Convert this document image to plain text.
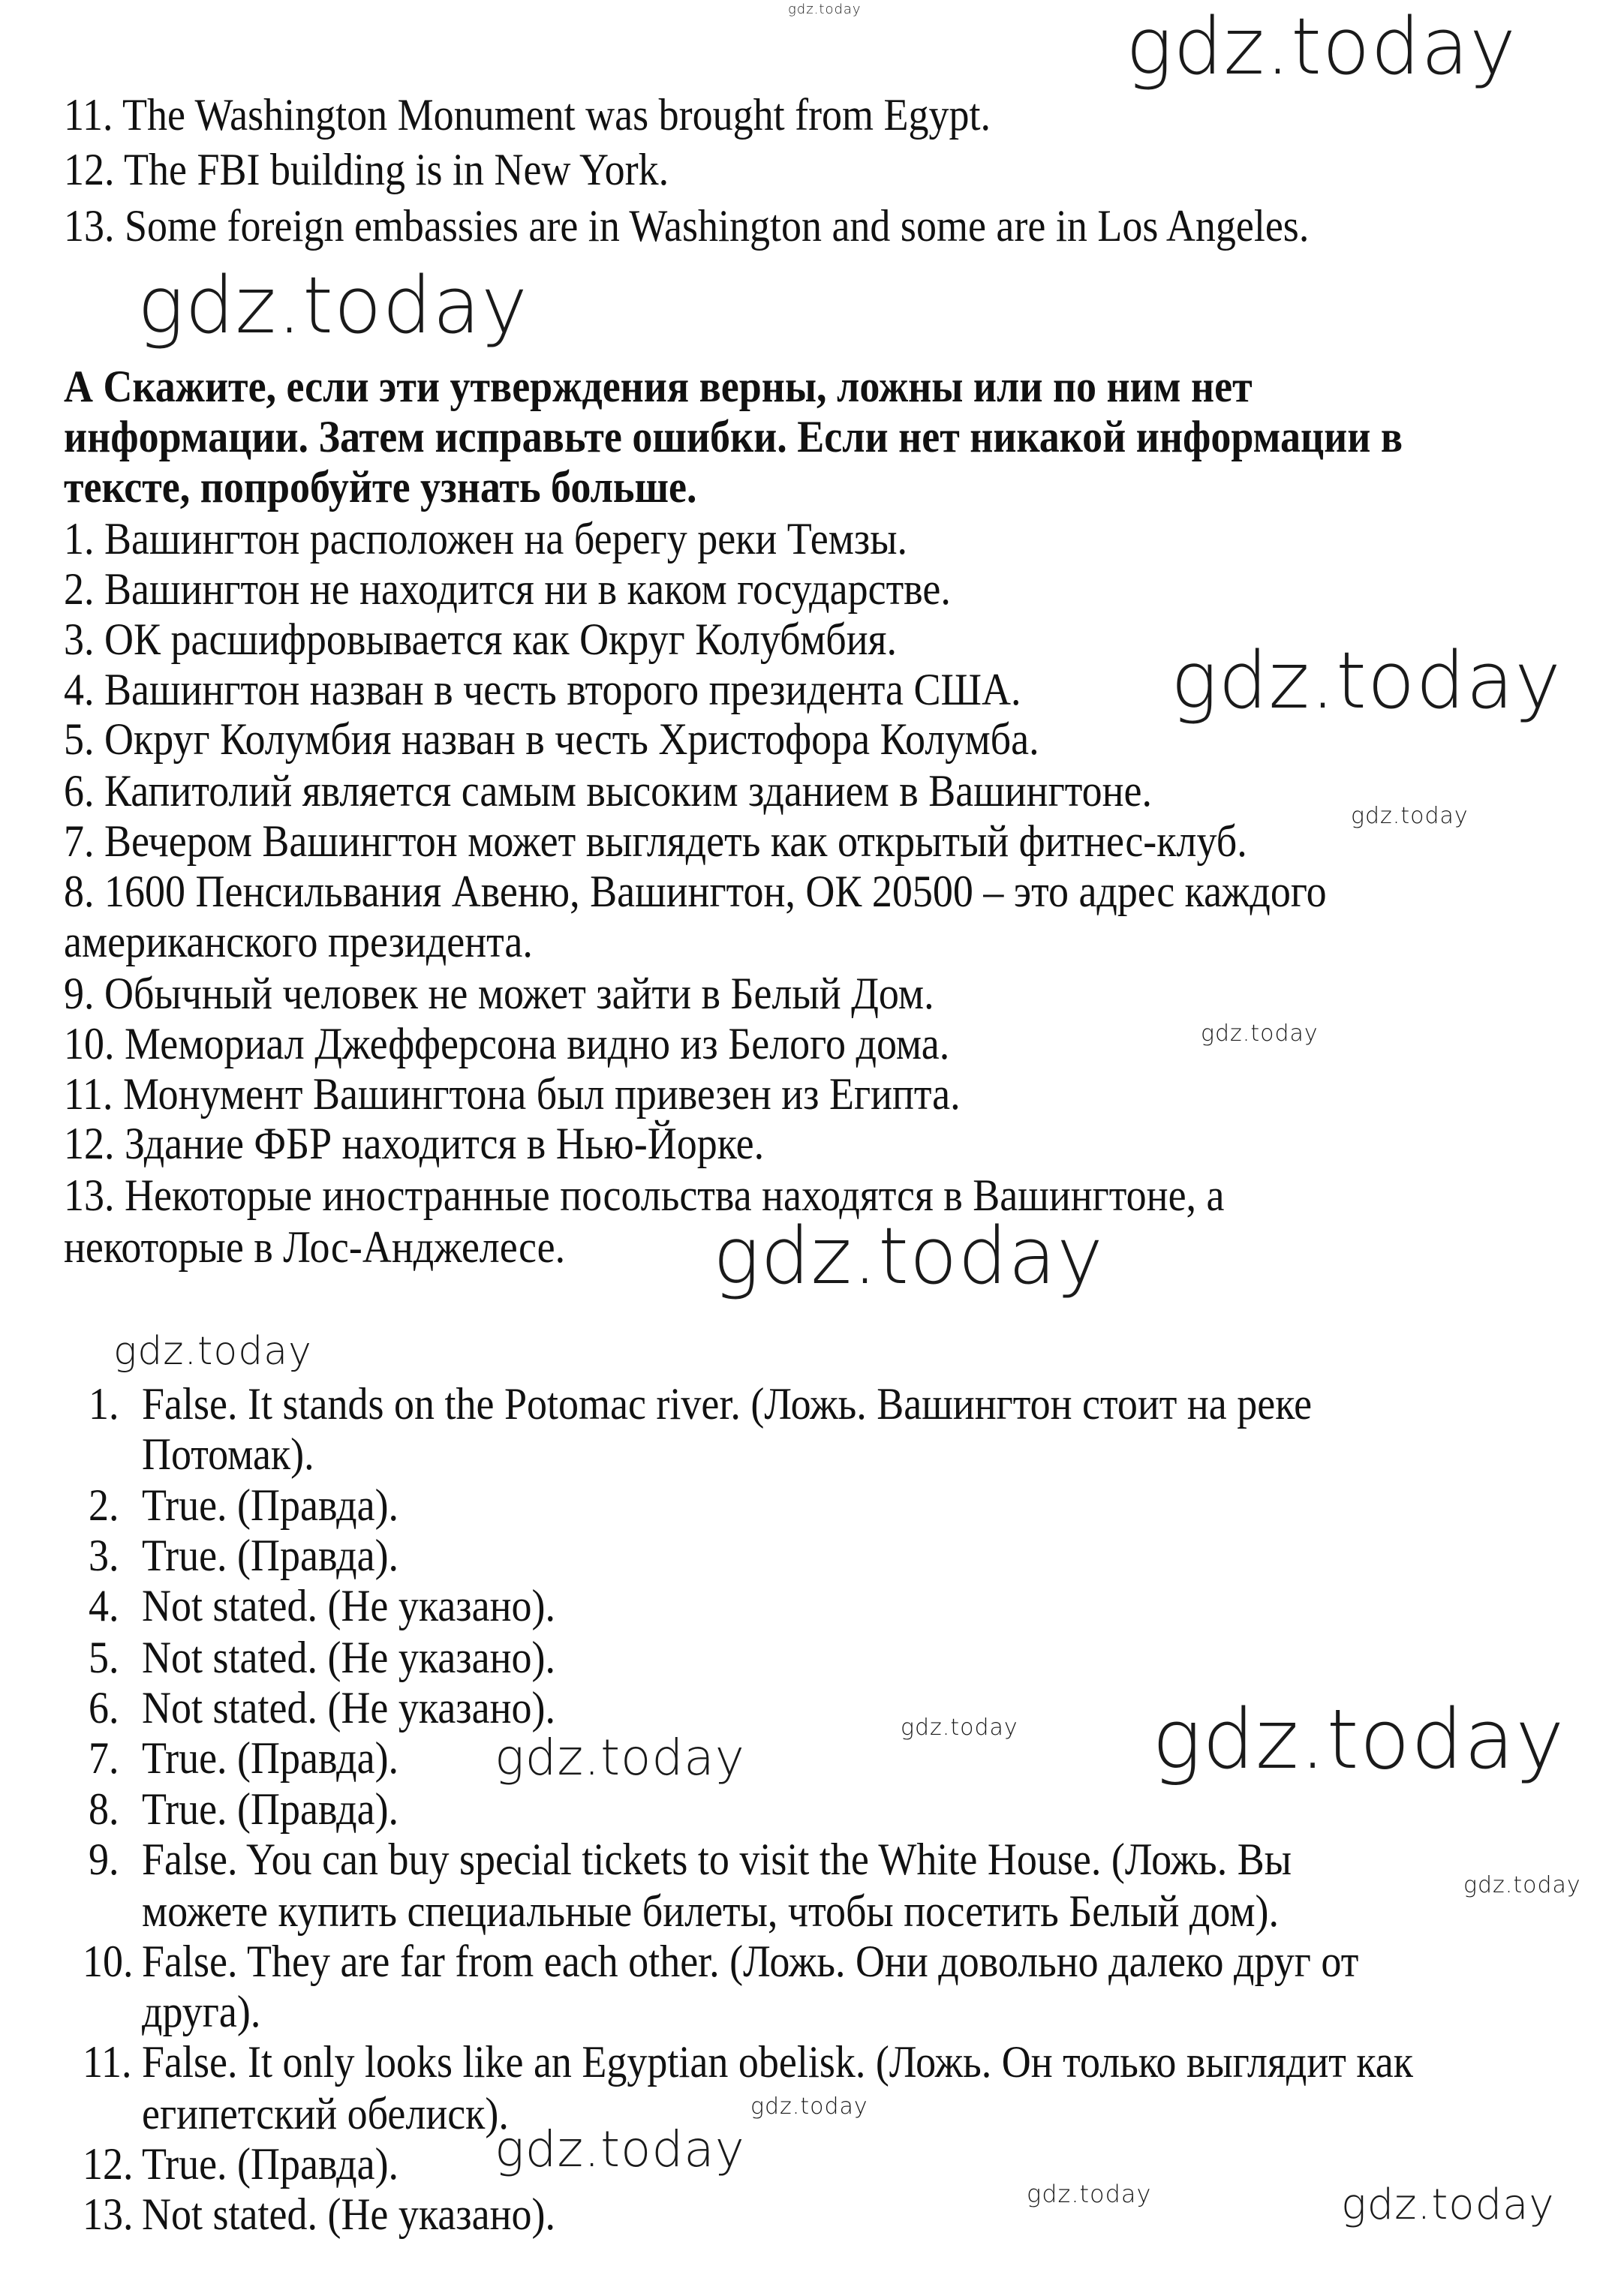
11. The Washington Monument was brought from Egypt.
12. The FBI building is in New York.
13. Some foreign embassies are in Washington and some are in Los Angeles.
А Скажите, если эти утверждения верны, ложны или по ним нет
информации. Затем исправьте ошибки. Если нет никакой информации в
тексте, попробуйте узнать больше.
1. Вашингтон расположен на берегу реки Темзы.
2. Вашингтон не находится ни в каком государстве.
3. ОК расшифровывается как Округ Колубмбия.
4. Вашингтон назван в честь второго президента США.
5. Округ Колумбия назван в честь Христофора Колумба.
6. Капитолий является самым высоким зданием в Вашингтоне.
7. Вечером Вашингтон может выглядеть как открытый фитнес-клуб.
8. 1600 Пенсильвания Авеню, Вашингтон, ОК 20500 – это адрес каждого
американского президента.
9. Обычный человек не может зайти в Белый Дом.
10. Мемориал Джефферсона видно из Белого дома.
11. Монумент Вашингтона был привезен из Египта.
12. Здание ФБР находится в Нью-Йорке.
13. Некоторые иностранные посольства находятся в Вашингтоне, а
некоторые в Лос-Анджелесе.
1. False. It stands on the Potomac river. (Ложь. Вашингтон стоит на реке
Потомак).
2. True. (Правда).
3. True. (Правда).
4. Not stated. (Не указано).
5. Not stated. (Не указано).
6. Not stated. (Не указано).
7. True. (Правда).
8. True. (Правда).
9. False. You can buy special tickets to visit the White House. (Ложь. Вы
можете купить специальные билеты, чтобы посетить Белый дом).
10. False. They are far from each other. (Ложь. Они довольно далеко друг от
друга).
11. False. It only looks like an Egyptian obelisk. (Ложь. Он только выглядит как
египетский обелиск).
12. True. (Правда).
13. Not stated. (Не указано).
gdz.today	gdz.today
gdz.today
gdz.today
gdz.today
gdz.today
gdz.today
gdz.today
gdz.today
gdz.today	gdz.today
gdz.today
gdz.today
gdz.today
gdz.today	gdz.today
